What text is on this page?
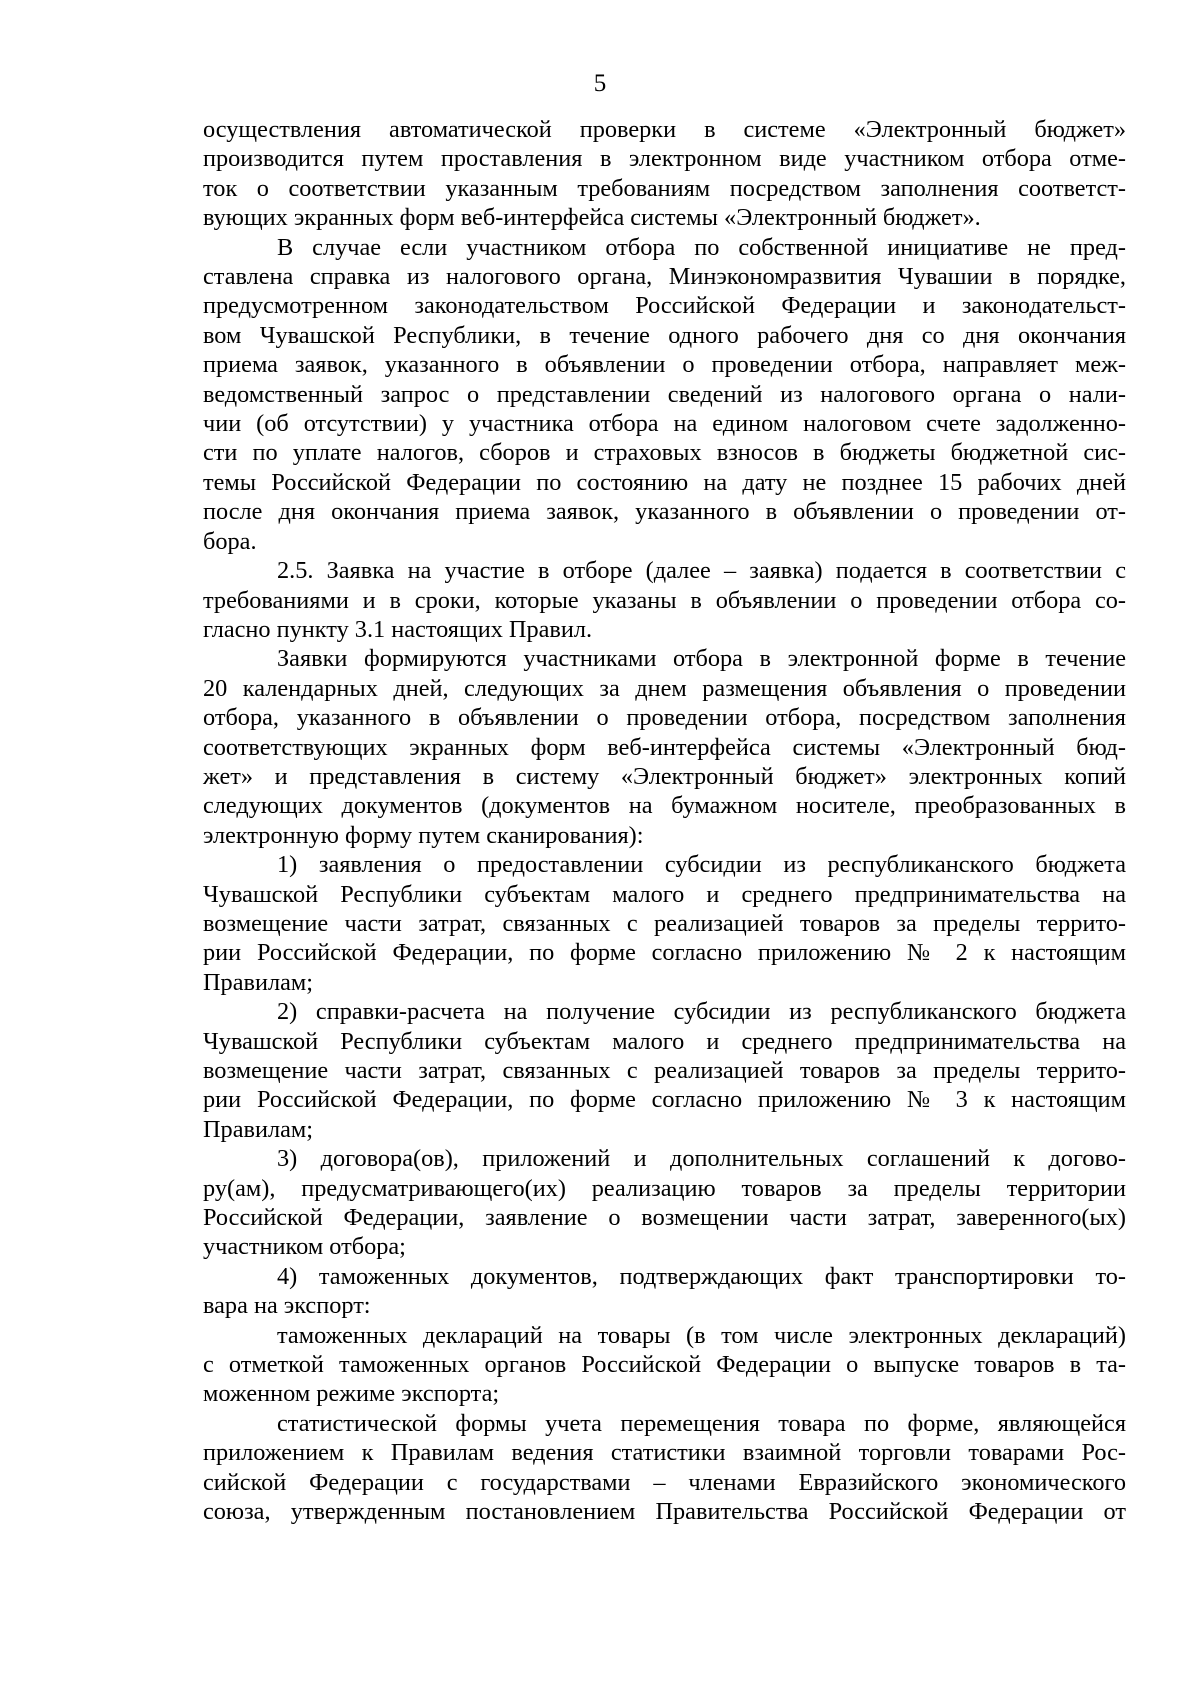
5

осуществления автоматической проверки в системе «Электронный бюджет»
производится путем проставления в электронном виде участником отбора отме-
ток о соответствии указанным требованиям посредством заполнения соответст-
вующих экранных форм веб-интерфейса системы «Электронный бюджет».

В случае если участником отбора по собственной инициативе не пред-
ставлена справка из налогового органа, Минэкономразвития Чувашии в порядке,
предусмотренном законодательством Российской Федерации и законодательст-
вом Чувашской Республики, в течение одного рабочего дня со дня окончания
приема заявок, указанного в объявлении о проведении отбора, направляет меж-
ведомственный запрос о представлении сведений из налогового органа о нали-
чии (об отсутствии) у участника отбора на едином налоговом счете задолженно-
сти по уплате налогов, сборов и страховых взносов в бюджеты бюджетной сис-
темы Российской Федерации по состоянию на дату не позднее 15 рабочих дней
после дня окончания приема заявок, указанного в объявлении о проведении от-
бора.

2.5. Заявка на участие в отборе (далее – заявка) подается в соответствии с
требованиями и в сроки, которые указаны в объявлении о проведении отбора со-
гласно пункту 3.1 настоящих Правил.

Заявки формируются участниками отбора в электронной форме в течение
20 календарных дней, следующих за днем размещения объявления о проведении
отбора, указанного в объявлении о проведении отбора, посредством заполнения
соответствующих экранных форм веб-интерфейса системы «Электронный бюд-
жет» и представления в систему «Электронный бюджет» электронных копий
следующих документов (документов на бумажном носителе, преобразованных в
электронную форму путем сканирования):

1) заявления о предоставлении субсидии из республиканского бюджета
Чувашской Республики субъектам малого и среднего предпринимательства на
возмещение части затрат, связанных с реализацией товаров за пределы террито-
рии Российской Федерации, по форме согласно приложению № 2 к настоящим
Правилам;

2) справки-расчета на получение субсидии из республиканского бюджета
Чувашской Республики субъектам малого и среднего предпринимательства на
возмещение части затрат, связанных с реализацией товаров за пределы террито-
рии Российской Федерации, по форме согласно приложению № 3 к настоящим
Правилам;

3) договора(ов), приложений и дополнительных соглашений к догово-
ру(ам), предусматривающего(их) реализацию товаров за пределы территории
Российской Федерации, заявление о возмещении части затрат, заверенного(ых)
участником отбора;

4) таможенных документов, подтверждающих факт транспортировки то-
вара на экспорт:

таможенных деклараций на товары (в том числе электронных деклараций)
с отметкой таможенных органов Российской Федерации о выпуске товаров в та-
моженном режиме экспорта;

статистической формы учета перемещения товара по форме, являющейся
приложением к Правилам ведения статистики взаимной торговли товарами Рос-
сийской Федерации с государствами – членами Евразийского экономического
союза, утвержденным постановлением Правительства Российской Федерации от
